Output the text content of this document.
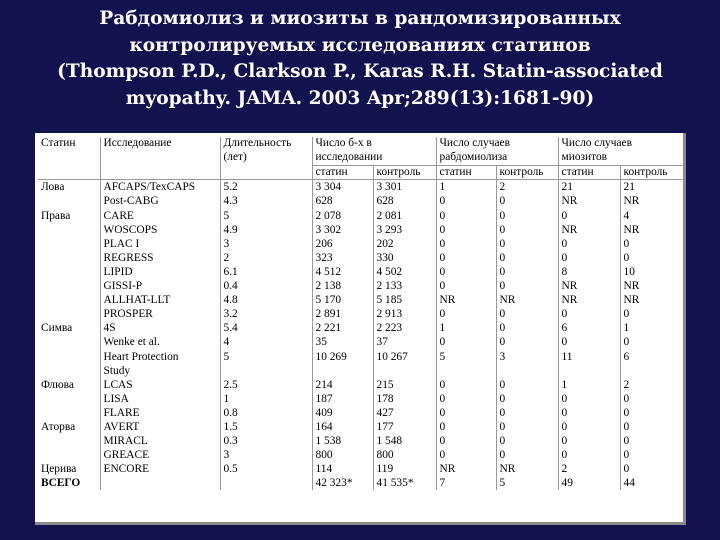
Рабдомиолиз и миозиты в рандомизированных
контролируемых исследованиях статинов
(Thompson P.D., Clarkson P., Karas R.H. Statin-associated
myopathy. JAMA. 2003 Apr;289(13):1681-90)
Статин	Исследование	Длительность	Число б-х в		Число случаев		Число случаев	
		(лет)	исследовании		рабдомиолиза		миозитов	
			статин	контроль	статин	контроль	статин	контроль
Лова	AFCAPS/TexCAPS	5.2	3 304	3 301	1	2	21	21
	Post-CABG	4.3	628	628	0	0	NR	NR
Права	CARE	5	2 078	2 081	0	0	0	4
	WOSCOPS	4.9	3 302	3 293	0	0	NR	NR
	PLAC I	3	206	202	0	0	0	0
	REGRESS	2	323	330	0	0	0	0
	LIPID	6.1	4 512	4 502	0	0	8	10
	GISSI-P	0.4	2 138	2 133	0	0	NR	NR
	ALLHAT-LLT	4.8	5 170	5 185	NR	NR	NR	NR
	PROSPER	3.2	2 891	2 913	0	0	0	0
Симва	4S	5.4	2 221	2 223	1	0	6	1
	Wenke et al.	4	35	37	0	0	0	0
	Heart Protection	5	10 269	10 267	5	3	11	6
	Study							
Флюва	LCAS	2.5	214	215	0	0	1	2
	LISA	1	187	178	0	0	0	0
	FLARE	0.8	409	427	0	0	0	0
Аторва	AVERT	1.5	164	177	0	0	0	0
	MIRACL	0.3	1 538	1 548	0	0	0	0
	GREACE	3	800	800	0	0	0	0
Церива	ENCORE	0.5	114	119	NR	NR	2	0
ВСЕГО			42 323*	41 535*	7	5	49	44
